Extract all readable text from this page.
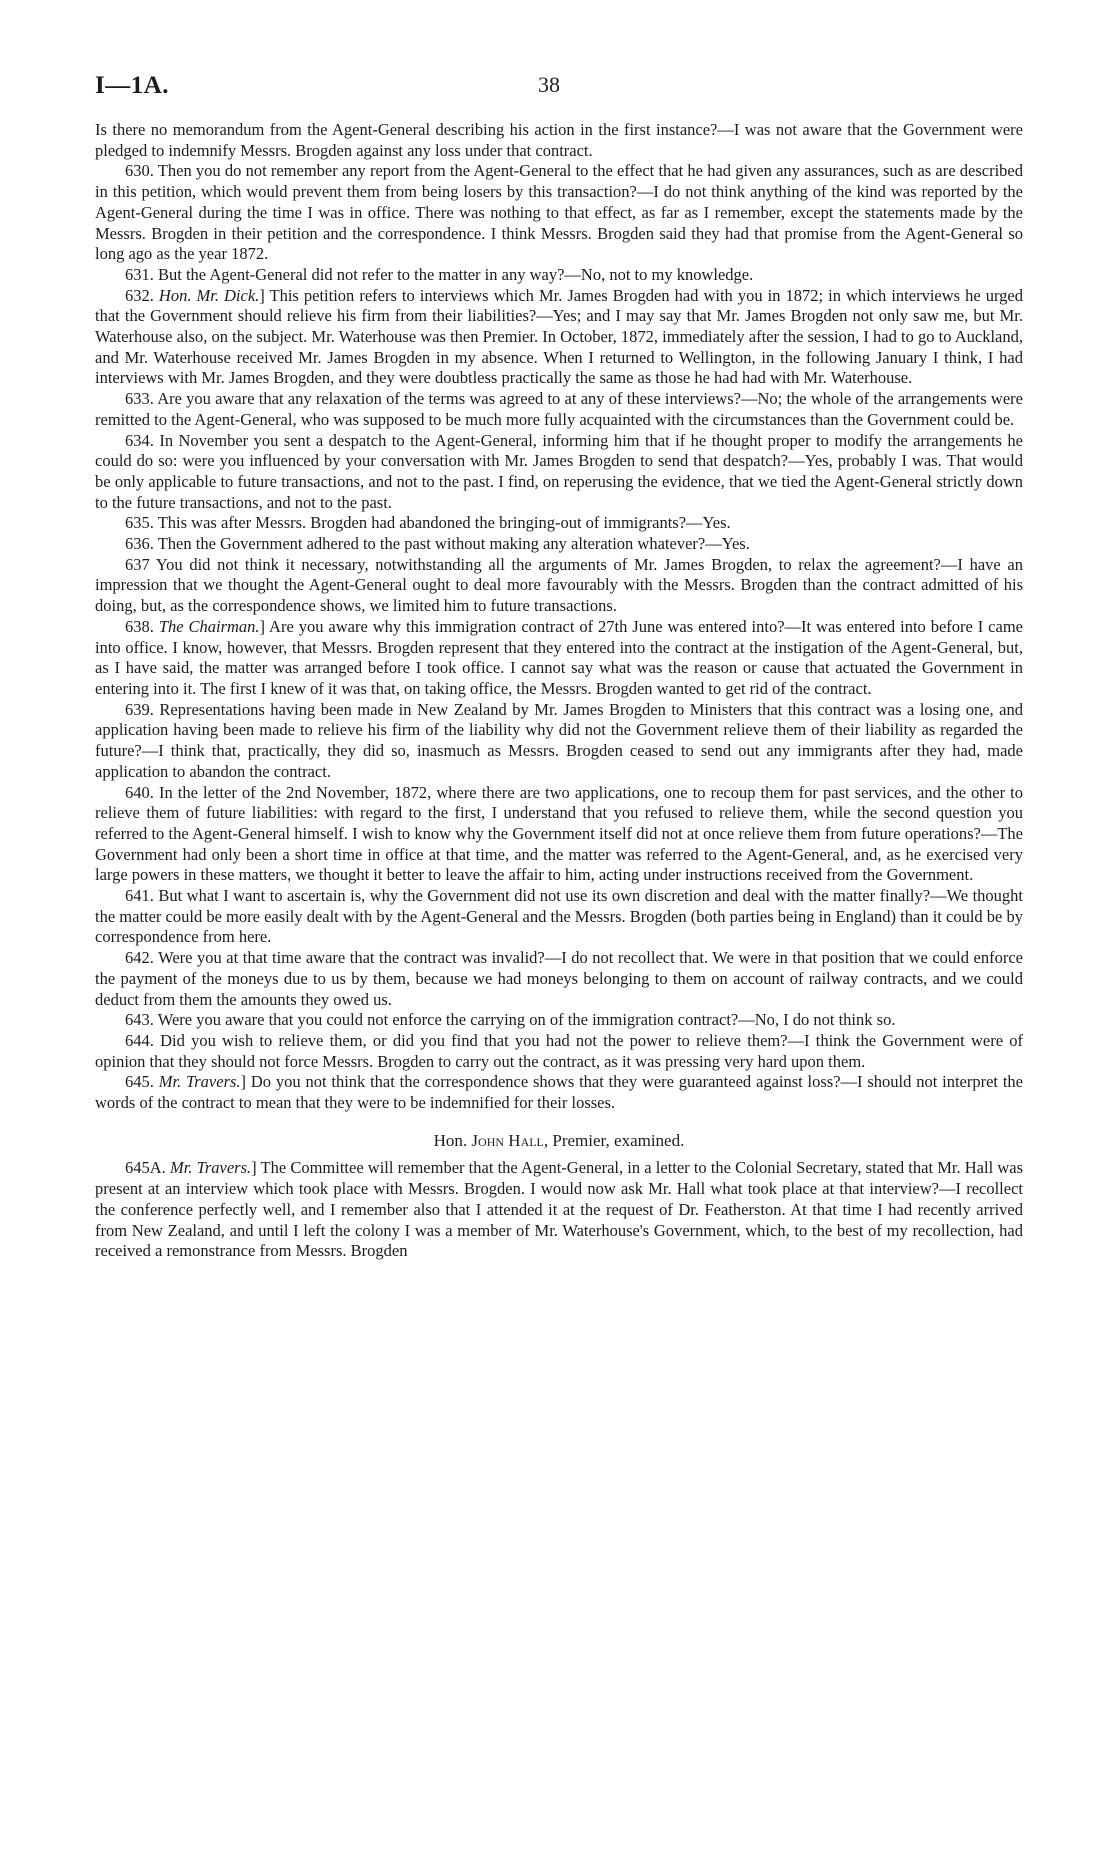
I—1A.	38

Is there no memorandum from the Agent-General describing his action in the first instance?—I was not aware that the Government were pledged to indemnify Messrs. Brogden against any loss under that contract.

630. Then you do not remember any report from the Agent-General to the effect that he had given any assurances, such as are described in this petition, which would prevent them from being losers by this transaction?—I do not think anything of the kind was reported by the Agent-General during the time I was in office. There was nothing to that effect, as far as I remember, except the statements made by the Messrs. Brogden in their petition and the correspondence. I think Messrs. Brogden said they had that promise from the Agent-General so long ago as the year 1872.

631. But the Agent-General did not refer to the matter in any way?—No, not to my knowledge.

632. Hon. Mr. Dick.] This petition refers to interviews which Mr. James Brogden had with you in 1872; in which interviews he urged that the Government should relieve his firm from their liabilities?—Yes; and I may say that Mr. James Brogden not only saw me, but Mr. Waterhouse also, on the subject. Mr. Waterhouse was then Premier. In October, 1872, immediately after the session, I had to go to Auckland, and Mr. Waterhouse received Mr. James Brogden in my absence. When I returned to Wellington, in the following January I think, I had interviews with Mr. James Brogden, and they were doubtless practically the same as those he had had with Mr. Waterhouse.

633. Are you aware that any relaxation of the terms was agreed to at any of these interviews?—No; the whole of the arrangements were remitted to the Agent-General, who was supposed to be much more fully acquainted with the circumstances than the Government could be.

634. In November you sent a despatch to the Agent-General, informing him that if he thought proper to modify the arrangements he could do so: were you influenced by your conversation with Mr. James Brogden to send that despatch?—Yes, probably I was. That would be only applicable to future transactions, and not to the past. I find, on reperusing the evidence, that we tied the Agent-General strictly down to the future transactions, and not to the past.

635. This was after Messrs. Brogden had abandoned the bringing-out of immigrants?—Yes.

636. Then the Government adhered to the past without making any alteration whatever?—Yes.

637 You did not think it necessary, notwithstanding all the arguments of Mr. James Brogden, to relax the agreement?—I have an impression that we thought the Agent-General ought to deal more favourably with the Messrs. Brogden than the contract admitted of his doing, but, as the correspondence shows, we limited him to future transactions.

638. The Chairman.] Are you aware why this immigration contract of 27th June was entered into?—It was entered into before I came into office. I know, however, that Messrs. Brogden represent that they entered into the contract at the instigation of the Agent-General, but, as I have said, the matter was arranged before I took office. I cannot say what was the reason or cause that actuated the Government in entering into it. The first I knew of it was that, on taking office, the Messrs. Brogden wanted to get rid of the contract.

639. Representations having been made in New Zealand by Mr. James Brogden to Ministers that this contract was a losing one, and application having been made to relieve his firm of the liability why did not the Government relieve them of their liability as regarded the future?—I think that, practically, they did so, inasmuch as Messrs. Brogden ceased to send out any immigrants after they had, made application to abandon the contract.

640. In the letter of the 2nd November, 1872, where there are two applications, one to recoup them for past services, and the other to relieve them of future liabilities: with regard to the first, I understand that you refused to relieve them, while the second question you referred to the Agent-General himself. I wish to know why the Government itself did not at once relieve them from future operations?—The Government had only been a short time in office at that time, and the matter was referred to the Agent-General, and, as he exercised very large powers in these matters, we thought it better to leave the affair to him, acting under instructions received from the Government.

641. But what I want to ascertain is, why the Government did not use its own discretion and deal with the matter finally?—We thought the matter could be more easily dealt with by the Agent-General and the Messrs. Brogden (both parties being in England) than it could be by correspondence from here.

642. Were you at that time aware that the contract was invalid?—I do not recollect that. We were in that position that we could enforce the payment of the moneys due to us by them, because we had moneys belonging to them on account of railway contracts, and we could deduct from them the amounts they owed us.

643. Were you aware that you could not enforce the carrying on of the immigration contract?—No, I do not think so.

644. Did you wish to relieve them, or did you find that you had not the power to relieve them?—I think the Government were of opinion that they should not force Messrs. Brogden to carry out the contract, as it was pressing very hard upon them.

645. Mr. Travers.] Do you not think that the correspondence shows that they were guaranteed against loss?—I should not interpret the words of the contract to mean that they were to be indemnified for their losses.

Hon. John Hall, Premier, examined.

645A. Mr. Travers.] The Committee will remember that the Agent-General, in a letter to the Colonial Secretary, stated that Mr. Hall was present at an interview which took place with Messrs. Brogden. I would now ask Mr. Hall what took place at that interview?—I recollect the conference perfectly well, and I remember also that I attended it at the request of Dr. Featherston. At that time I had recently arrived from New Zealand, and until I left the colony I was a member of Mr. Waterhouse's Government, which, to the best of my recollection, had received a remonstrance from Messrs. Brogden
